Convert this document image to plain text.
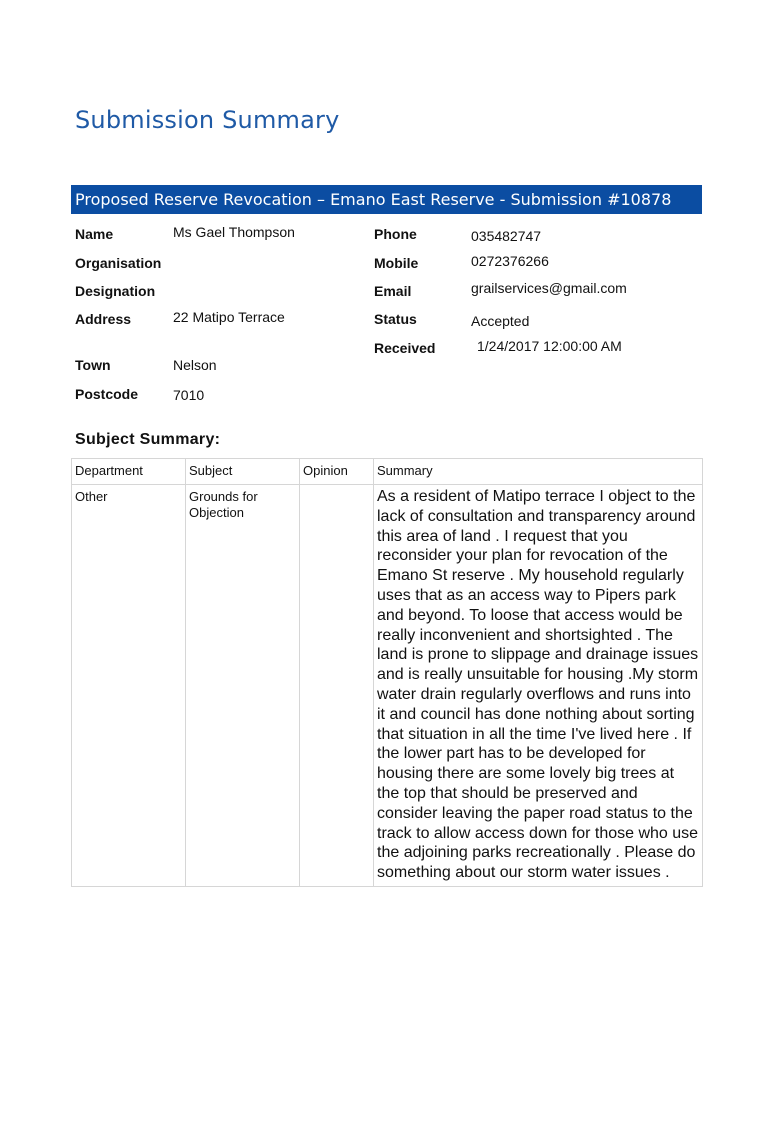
Submission Summary
Proposed Reserve Revocation – Emano East Reserve - Submission #10878
Name	Ms Gael Thompson
Organisation
Designation
Address	22 Matipo Terrace
Town	Nelson
Postcode 7010
Phone	035482747
Mobile	0272376266
Email	grailservices@gmail.com
Status	Accepted
Received	1/24/2017 12:00:00 AM
Subject Summary:
Department	Subject	Opinion	Summary
Other	Grounds for Objection		As a resident of Matipo terrace I object to the lack of consultation and transparency around this area of land . I request that you reconsider your plan for revocation of the Emano St reserve . My household regularly uses that as an access way to Pipers park and beyond. To loose that access would be really inconvenient and shortsighted . The land is prone to slippage and drainage issues and is really unsuitable for housing .My storm water drain regularly overflows and runs into it and council has done nothing about sorting that situation in all the time I've lived here . If the lower part has to be developed for housing there are some lovely big trees at the top that should be preserved and consider leaving the paper road status to the track to allow access down for those who use the adjoining parks recreationally . Please do something about our storm water issues .
